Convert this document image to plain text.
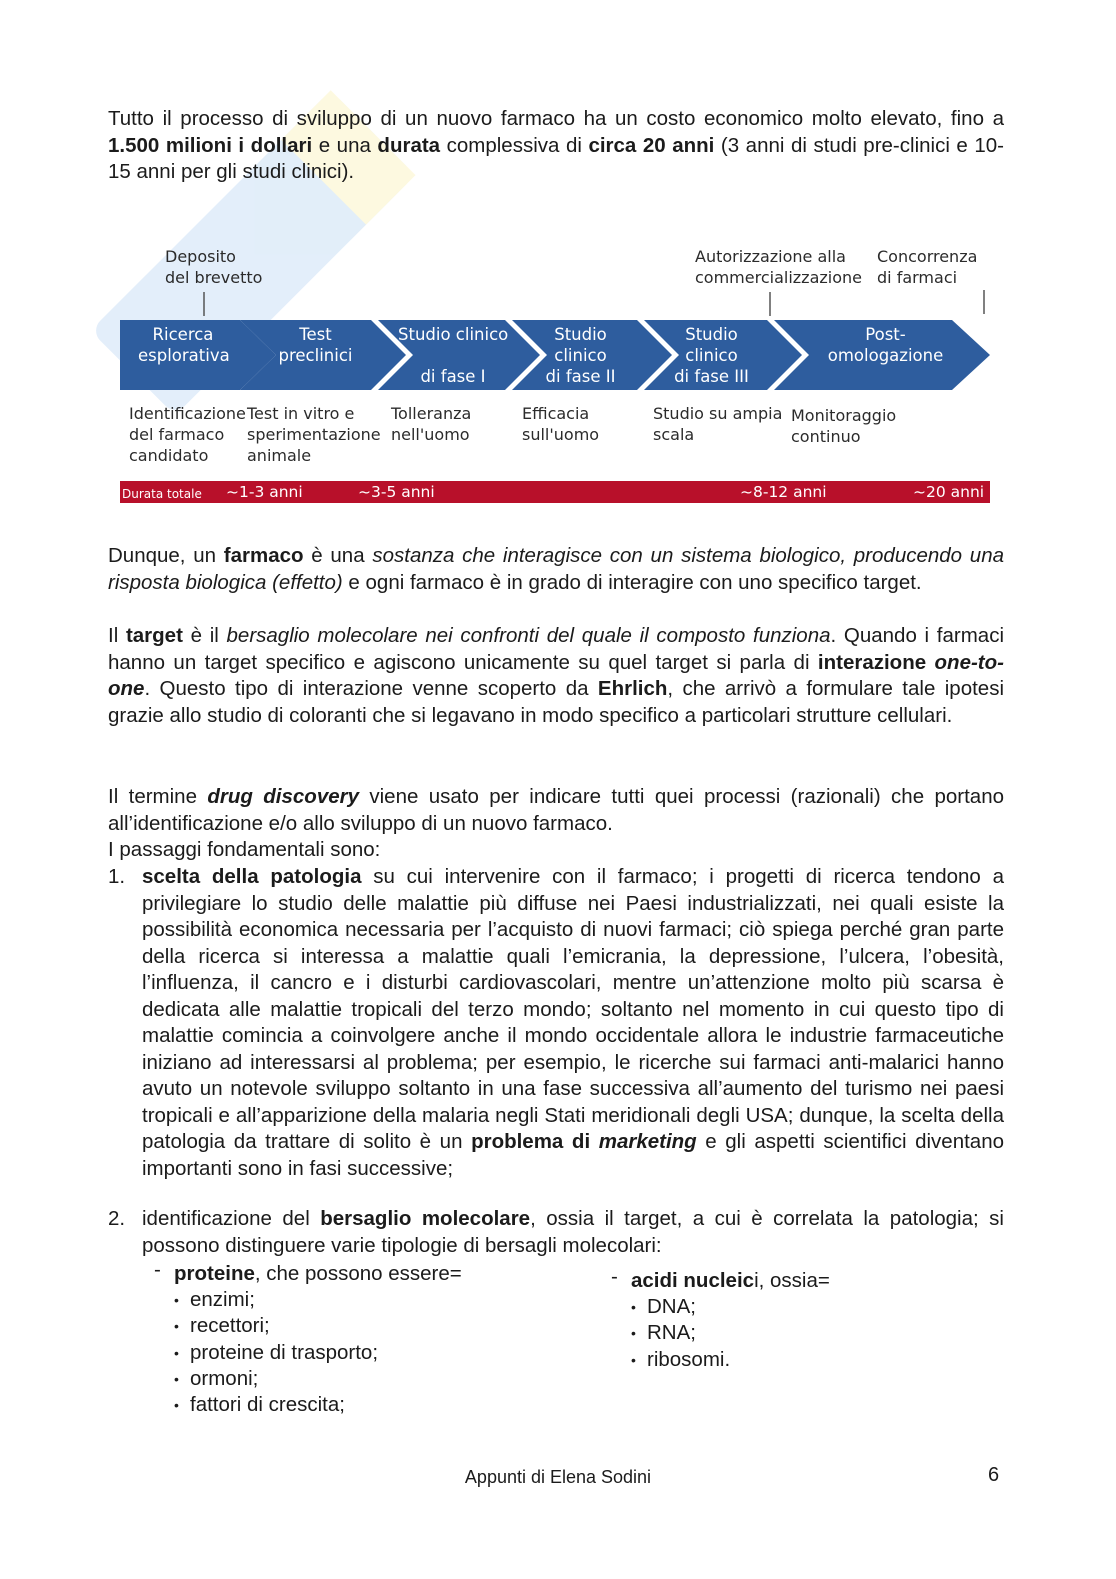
Tutto il processo di sviluppo di un nuovo farmaco ha un costo economico molto elevato, fino a 1.500 milioni i dollari e una durata complessiva di circa 20 anni (3 anni di studi pre-clinici e 10-15 anni per gli studi clinici).
Deposito
del brevetto
Autorizzazione alla
commercializzazione
Concorrenza
di farmaci
Ricerca
esplorativa
Test
preclinici
Studio clinico
di fase I
Studio
clinico
di fase II
Studio
clinico
di fase III
Post-
omologazione
Identificazione
del farmaco
candidato
Test in vitro e
sperimentazione
animale
Tolleranza
nell'uomo
Efficacia
sull'uomo
Studio su ampia
scala
Monitoraggio
continuo
Durata totale ~1-3 anni	~3-5 anni	~8-12 anni	~20 anni
Dunque, un farmaco è una sostanza che interagisce con un sistema biologico, producendo una risposta biologica (effetto) e ogni farmaco è in grado di interagire con uno specifico target.
Il target è il bersaglio molecolare nei confronti del quale il composto funziona. Quando i farmaci hanno un target specifico e agiscono unicamente su quel target si parla di interazione one-to-one. Questo tipo di interazione venne scoperto da Ehrlich, che arrivò a formulare tale ipotesi grazie allo studio di coloranti che si legavano in modo specifico a particolari strutture cellulari.
Il termine drug discovery viene usato per indicare tutti quei processi (razionali) che portano all’identificazione e/o allo sviluppo di un nuovo farmaco.
I passaggi fondamentali sono:
1. scelta della patologia su cui intervenire con il farmaco; i progetti di ricerca tendono a privilegiare lo studio delle malattie più diffuse nei Paesi industrializzati, nei quali esiste la possibilità economica necessaria per l’acquisto di nuovi farmaci; ciò spiega perché gran parte della ricerca si interessa a malattie quali l’emicrania, la depressione, l’ulcera, l’obesità, l’influenza, il cancro e i disturbi cardiovascolari, mentre un’attenzione molto più scarsa è dedicata alle malattie tropicali del terzo mondo; soltanto nel momento in cui questo tipo di malattie comincia a coinvolgere anche il mondo occidentale allora le industrie farmaceutiche iniziano ad interessarsi al problema; per esempio, le ricerche sui farmaci anti-malarici hanno avuto un notevole sviluppo soltanto in una fase successiva all’aumento del turismo nei paesi tropicali e all’apparizione della malaria negli Stati meridionali degli USA; dunque, la scelta della patologia da trattare di solito è un problema di marketing e gli aspetti scientifici diventano importanti sono in fasi successive;
2. identificazione del bersaglio molecolare, ossia il target, a cui è correlata la patologia; si possono distinguere varie tipologie di bersagli molecolari:
- proteine, che possono essere=
• enzimi;
• recettori;
• proteine di trasporto;
• ormoni;
• fattori di crescita;
- acidi nucleici, ossia=
• DNA;
• RNA;
• ribosomi.
Appunti di Elena Sodini	6
